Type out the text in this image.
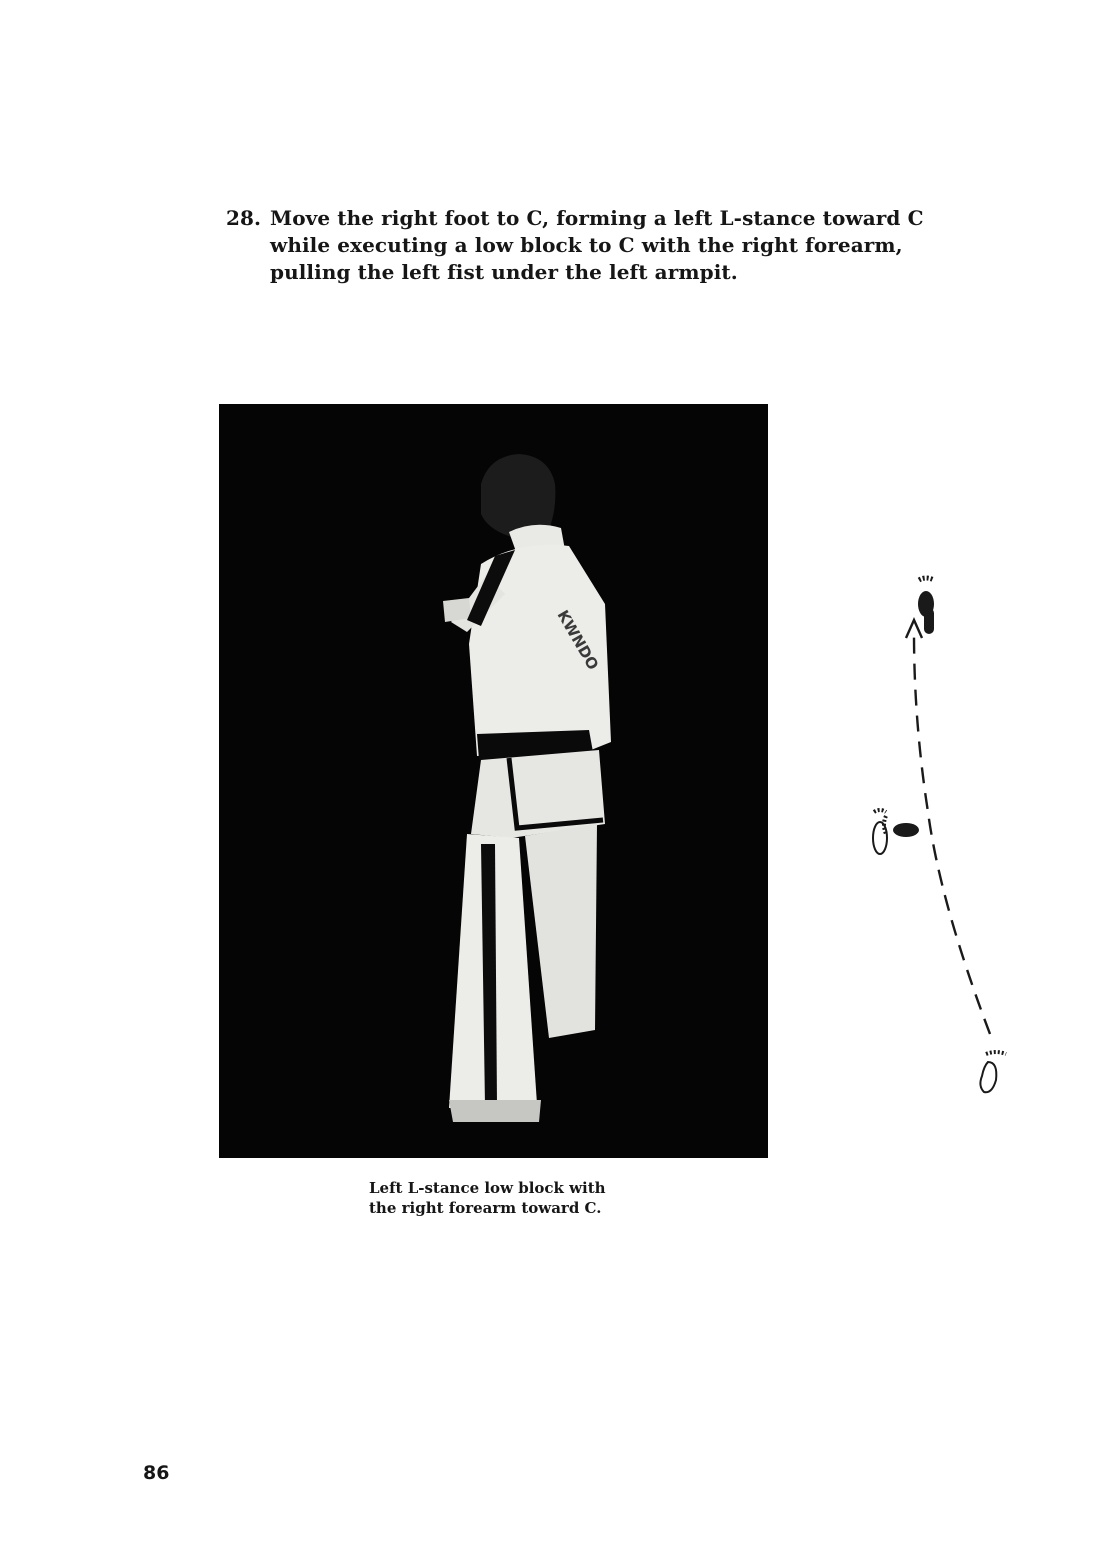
28. Move the right foot to C, forming a left L-stance toward C while executing a low block to C with the right forearm, pulling the left fist under the left armpit.
KWNDO
Left L-stance low block with
the right forearm toward C.
86
